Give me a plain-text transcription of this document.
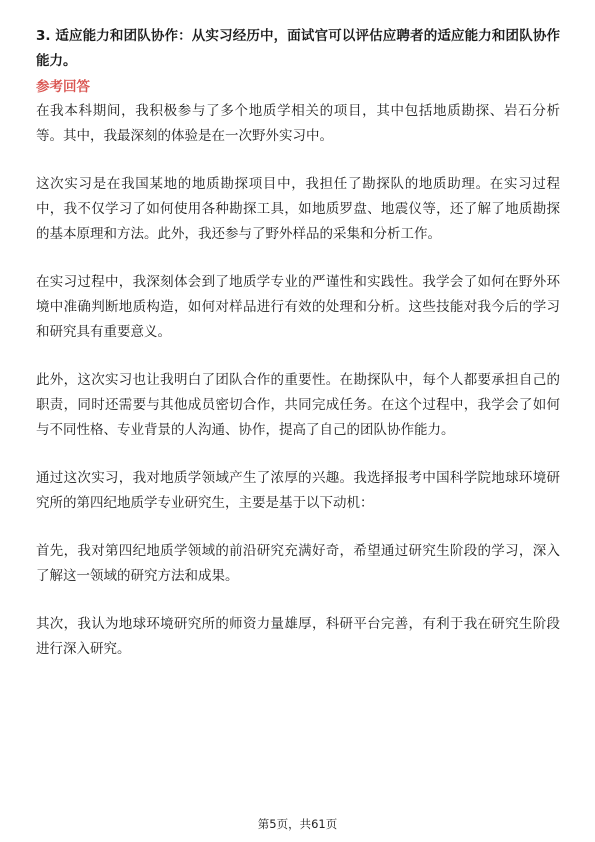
3. 适应能力和团队协作：从实习经历中，面试官可以评估应聘者的适应能力和团队协作能力。

参考回答

在我本科期间，我积极参与了多个地质学相关的项目，其中包括地质勘探、岩石分析等。其中，我最深刻的体验是在一次野外实习中。

这次实习是在我国某地的地质勘探项目中，我担任了勘探队的地质助理。在实习过程中，我不仅学习了如何使用各种勘探工具，如地质罗盘、地震仪等，还了解了地质勘探的基本原理和方法。此外，我还参与了野外样品的采集和分析工作。

在实习过程中，我深刻体会到了地质学专业的严谨性和实践性。我学会了如何在野外环境中准确判断地质构造，如何对样品进行有效的处理和分析。这些技能对我今后的学习和研究具有重要意义。

此外，这次实习也让我明白了团队合作的重要性。在勘探队中，每个人都要承担自己的职责，同时还需要与其他成员密切合作，共同完成任务。在这个过程中，我学会了如何与不同性格、专业背景的人沟通、协作，提高了自己的团队协作能力。

通过这次实习，我对地质学领域产生了浓厚的兴趣。我选择报考中国科学院地球环境研究所的第四纪地质学专业研究生，主要是基于以下动机：

首先，我对第四纪地质学领域的前沿研究充满好奇，希望通过研究生阶段的学习，深入了解这一领域的研究方法和成果。

其次，我认为地球环境研究所的师资力量雄厚，科研平台完善，有利于我在研究生阶段进行深入研究。

第5页，共61页
